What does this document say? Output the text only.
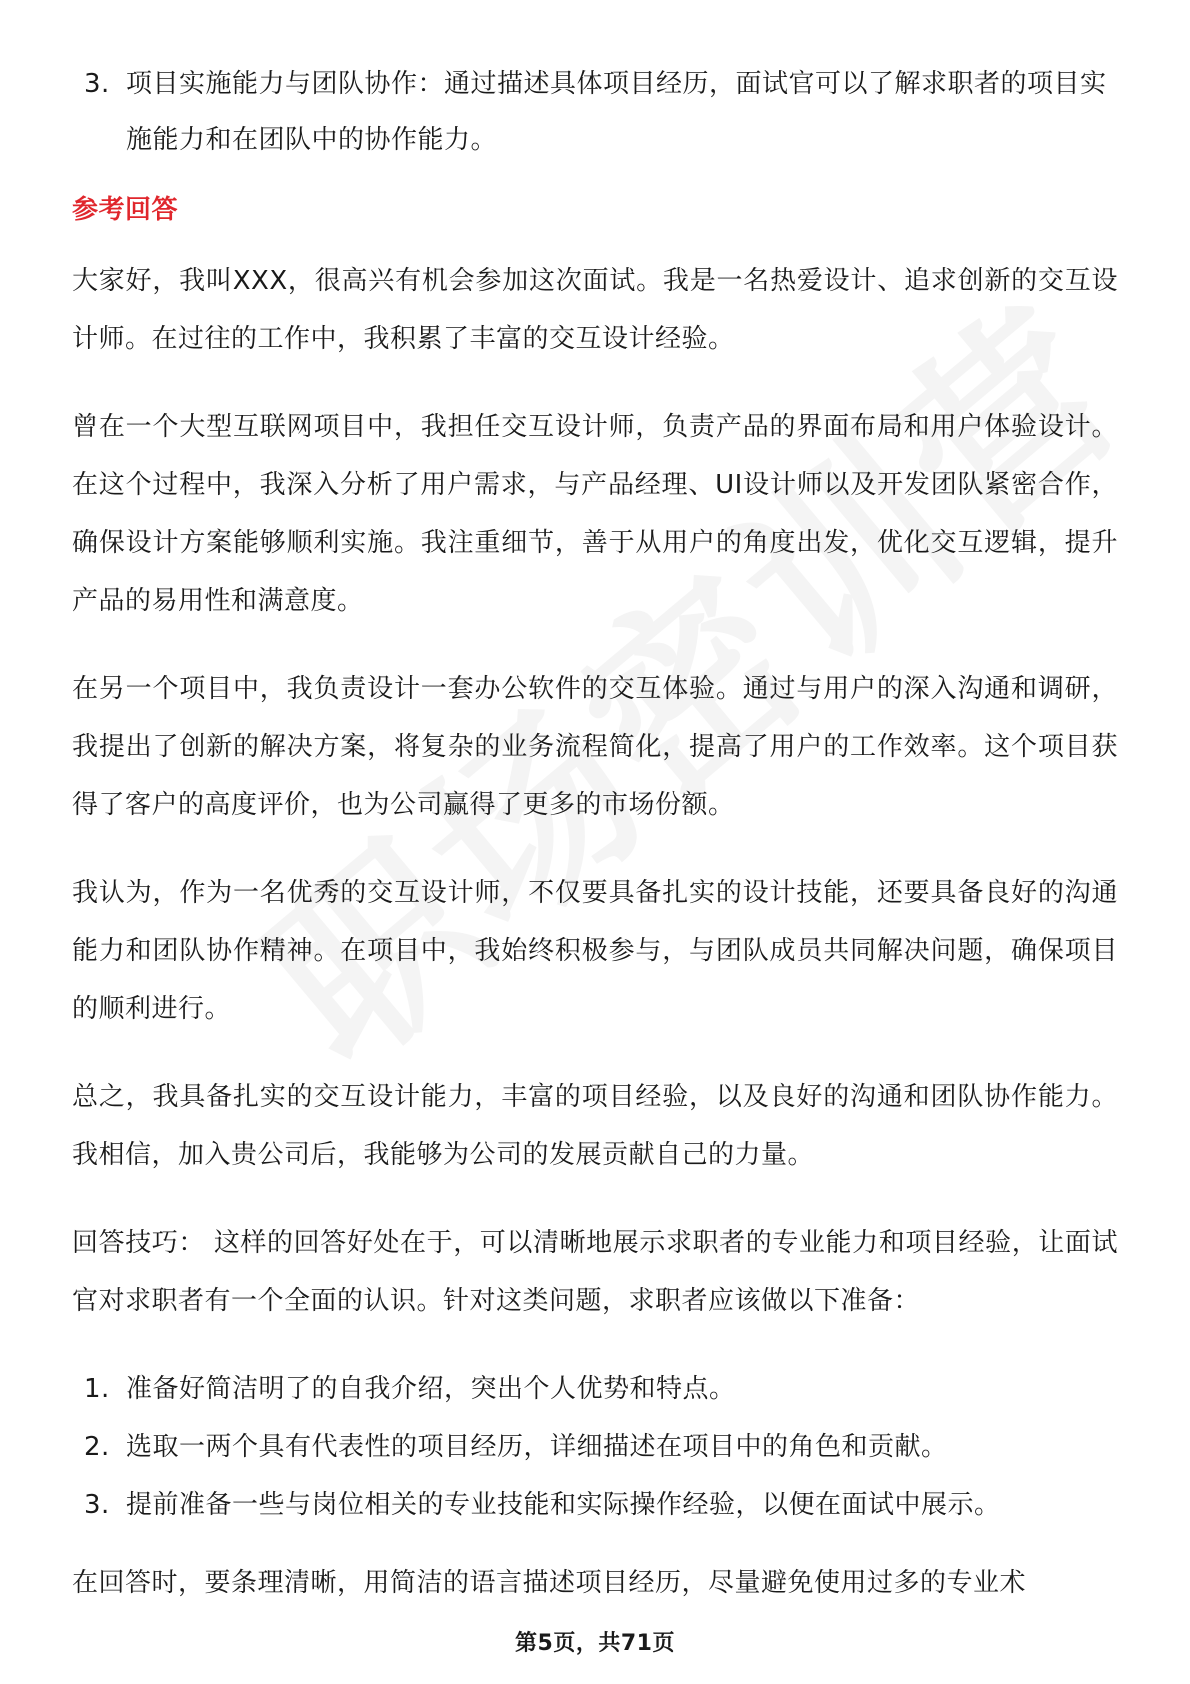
3. 项目实施能力与团队协作：通过描述具体项目经历，面试官可以了解求职者的项目实施能力和在团队中的协作能力。
参考回答

大家好，我叫XXX，很高兴有机会参加这次面试。我是一名热爱设计、追求创新的交互设计师。在过往的工作中，我积累了丰富的交互设计经验。

曾在一个大型互联网项目中，我担任交互设计师，负责产品的界面布局和用户体验设计。在这个过程中，我深入分析了用户需求，与产品经理、UI设计师以及开发团队紧密合作，确保设计方案能够顺利实施。我注重细节，善于从用户的角度出发，优化交互逻辑，提升产品的易用性和满意度。

在另一个项目中，我负责设计一套办公软件的交互体验。通过与用户的深入沟通和调研，我提出了创新的解决方案，将复杂的业务流程简化，提高了用户的工作效率。这个项目获得了客户的高度评价，也为公司赢得了更多的市场份额。

我认为，作为一名优秀的交互设计师，不仅要具备扎实的设计技能，还要具备良好的沟通能力和团队协作精神。在项目中，我始终积极参与，与团队成员共同解决问题，确保项目的顺利进行。

总之，我具备扎实的交互设计能力，丰富的项目经验，以及良好的沟通和团队协作能力。我相信，加入贵公司后，我能够为公司的发展贡献自己的力量。

回答技巧： 这样的回答好处在于，可以清晰地展示求职者的专业能力和项目经验，让面试官对求职者有一个全面的认识。针对这类问题，求职者应该做以下准备：

1. 准备好简洁明了的自我介绍，突出个人优势和特点。
2. 选取一两个具有代表性的项目经历，详细描述在项目中的角色和贡献。
3. 提前准备一些与岗位相关的专业技能和实际操作经验，以便在面试中展示。

在回答时，要条理清晰，用简洁的语言描述项目经历，尽量避免使用过多的专业术

第5页，共71页
